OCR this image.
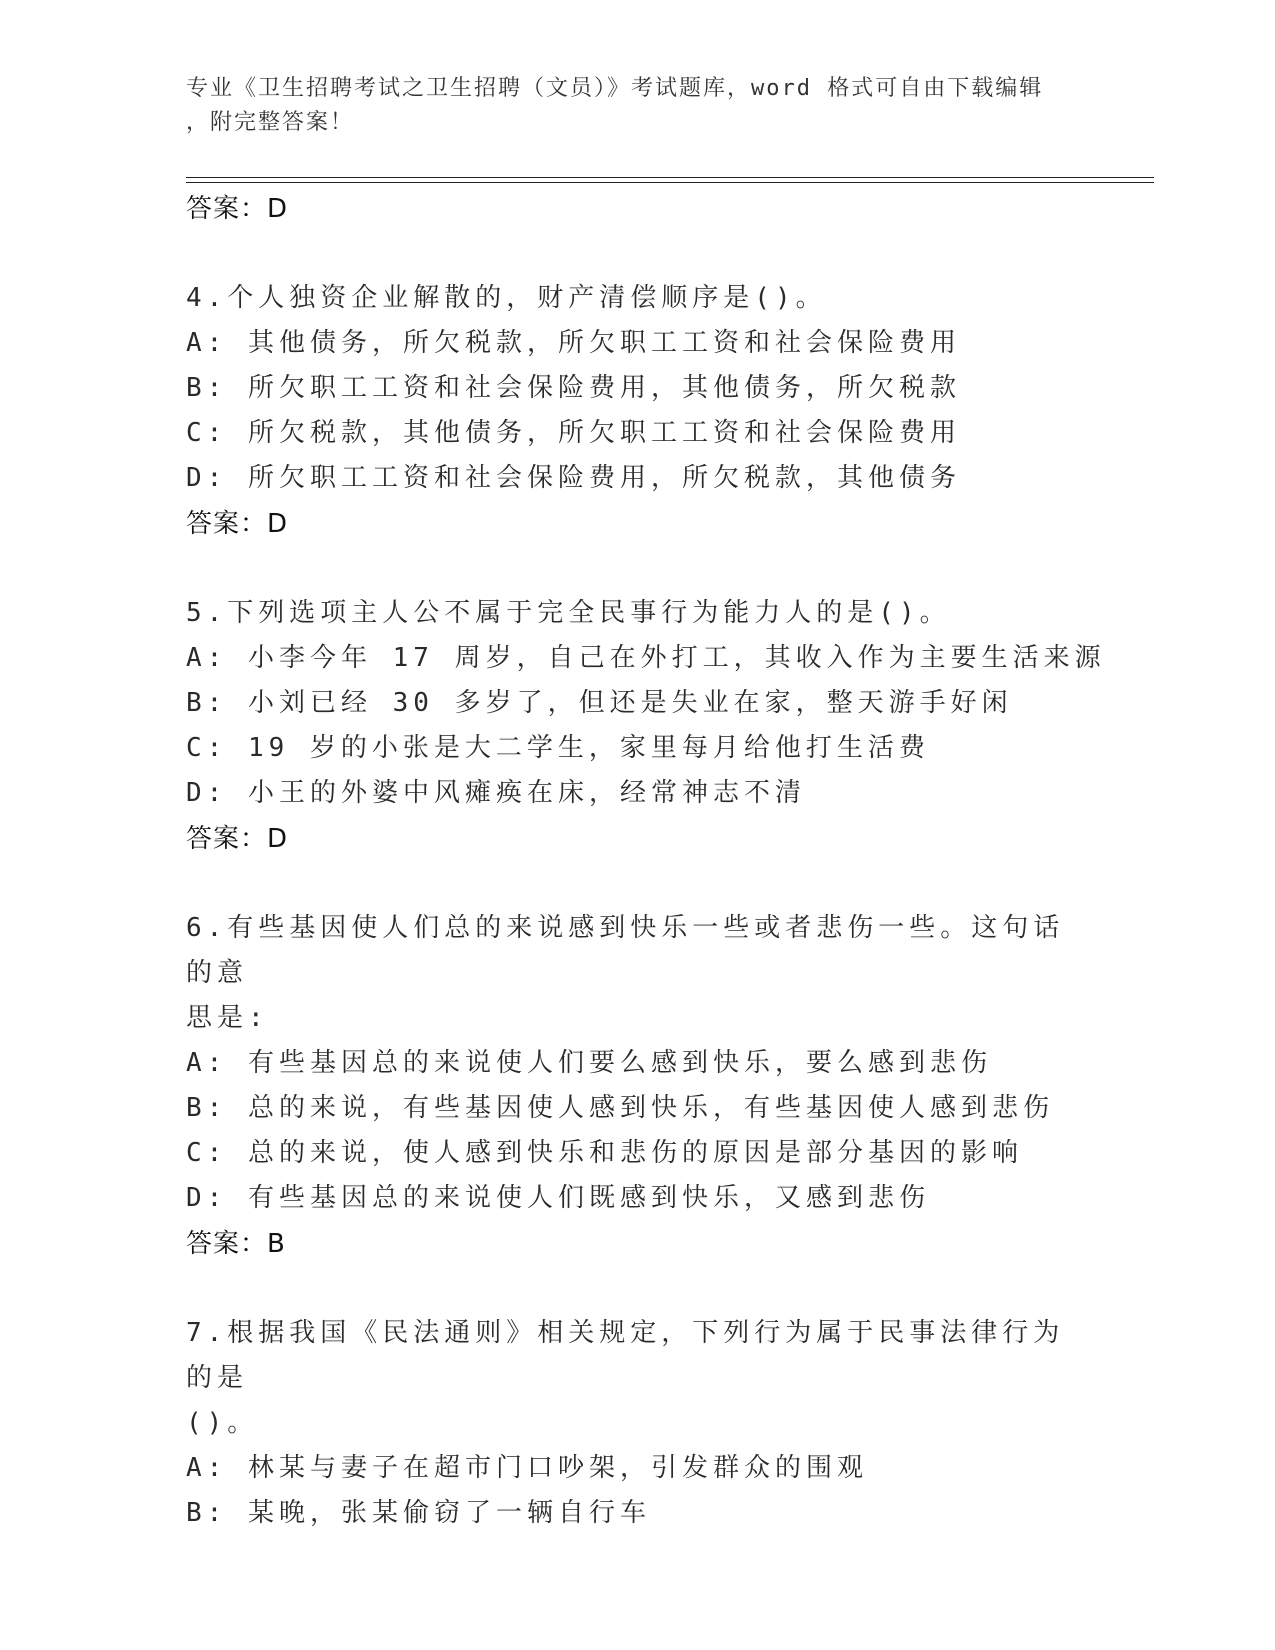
专业《卫生招聘考试之卫生招聘（文员）》考试题库，word 格式可自由下载编辑
，附完整答案！
答案：D
4.个人独资企业解散的，财产清偿顺序是()。
A: 其他债务，所欠税款，所欠职工工资和社会保险费用
B: 所欠职工工资和社会保险费用，其他债务，所欠税款
C: 所欠税款，其他债务，所欠职工工资和社会保险费用
D: 所欠职工工资和社会保险费用，所欠税款，其他债务
答案：D
5.下列选项主人公不属于完全民事行为能力人的是()。
A: 小李今年 17 周岁，自己在外打工，其收入作为主要生活来源
B: 小刘已经 30 多岁了，但还是失业在家，整天游手好闲
C: 19 岁的小张是大二学生，家里每月给他打生活费
D: 小王的外婆中风瘫痪在床，经常神志不清
答案：D
6.有些基因使人们总的来说感到快乐一些或者悲伤一些。这句话的意
思是:
A: 有些基因总的来说使人们要么感到快乐，要么感到悲伤
B: 总的来说，有些基因使人感到快乐，有些基因使人感到悲伤
C: 总的来说，使人感到快乐和悲伤的原因是部分基因的影响
D: 有些基因总的来说使人们既感到快乐，又感到悲伤
答案：B
7.根据我国《民法通则》相关规定，下列行为属于民事法律行为的是
()。
A: 林某与妻子在超市门口吵架，引发群众的围观
B: 某晚，张某偷窃了一辆自行车
